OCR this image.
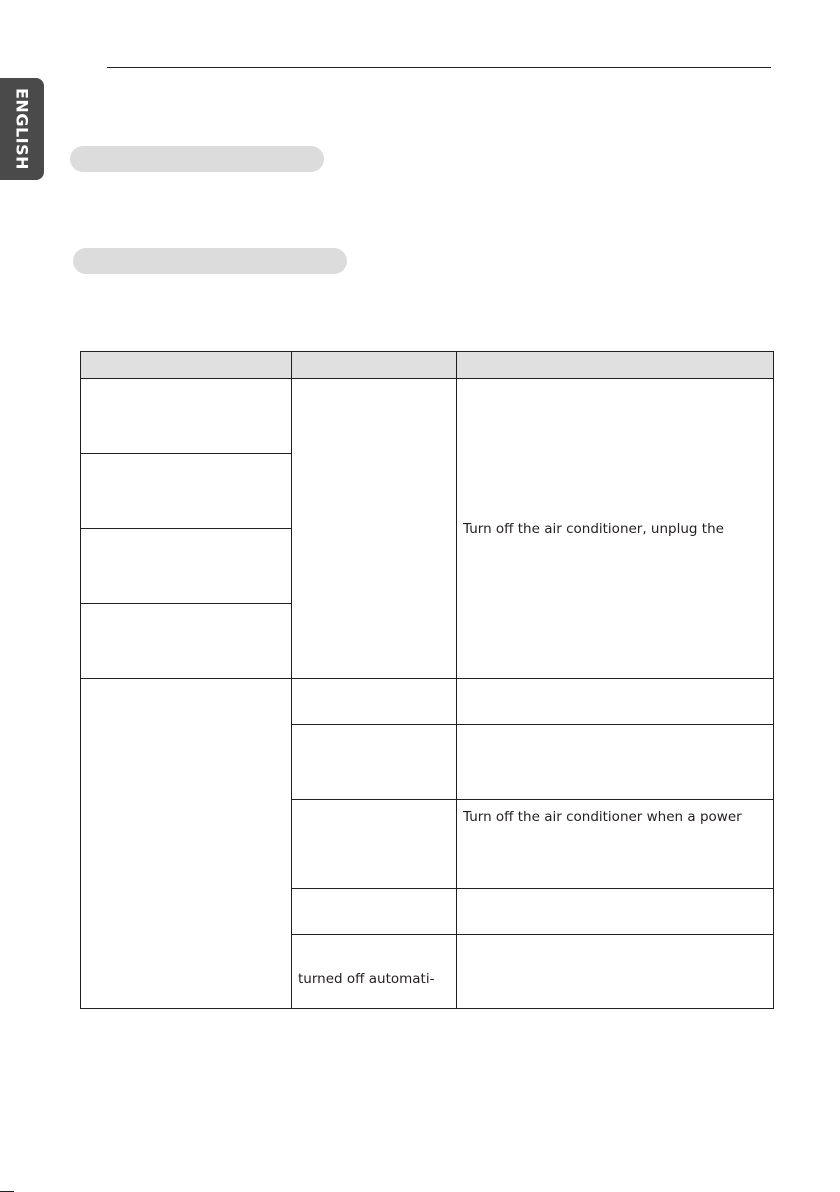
ENGLISH

		Turn off the air conditioner, unplug the

		Turn off the air conditioner when a power

	turned off automati-	
